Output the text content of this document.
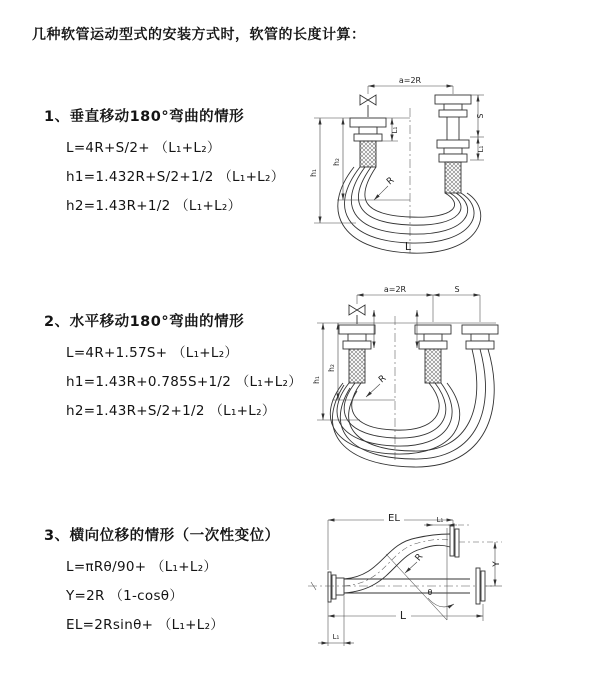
几种软管运动型式的安装方式时，软管的长度计算：
1、垂直移动180°弯曲的情形
L=4R+S/2+ （L₁+L₂）
h1=1.432R+S/2+1/2 （L₁+L₂）
h2=1.43R+1/2 （L₁+L₂）
2、水平移动180°弯曲的情形
L=4R+1.57S+ （L₁+L₂）
h1=1.43R+0.785S+1/2 （L₁+L₂）
h2=1.43R+S/2+1/2 （L₁+L₂）
3、横向位移的情形（一次性变位）
L=πRθ/90+ （L₁+L₂）
Y=2R （1-cosθ）
EL=2Rsinθ+ （L₁+L₂）
a=2R
R
h₁
h₂
L₁
S
L₁
L
a=2R	S
R
h₁
h₂
EL	L₁
θ
R
Y
L
L₁
